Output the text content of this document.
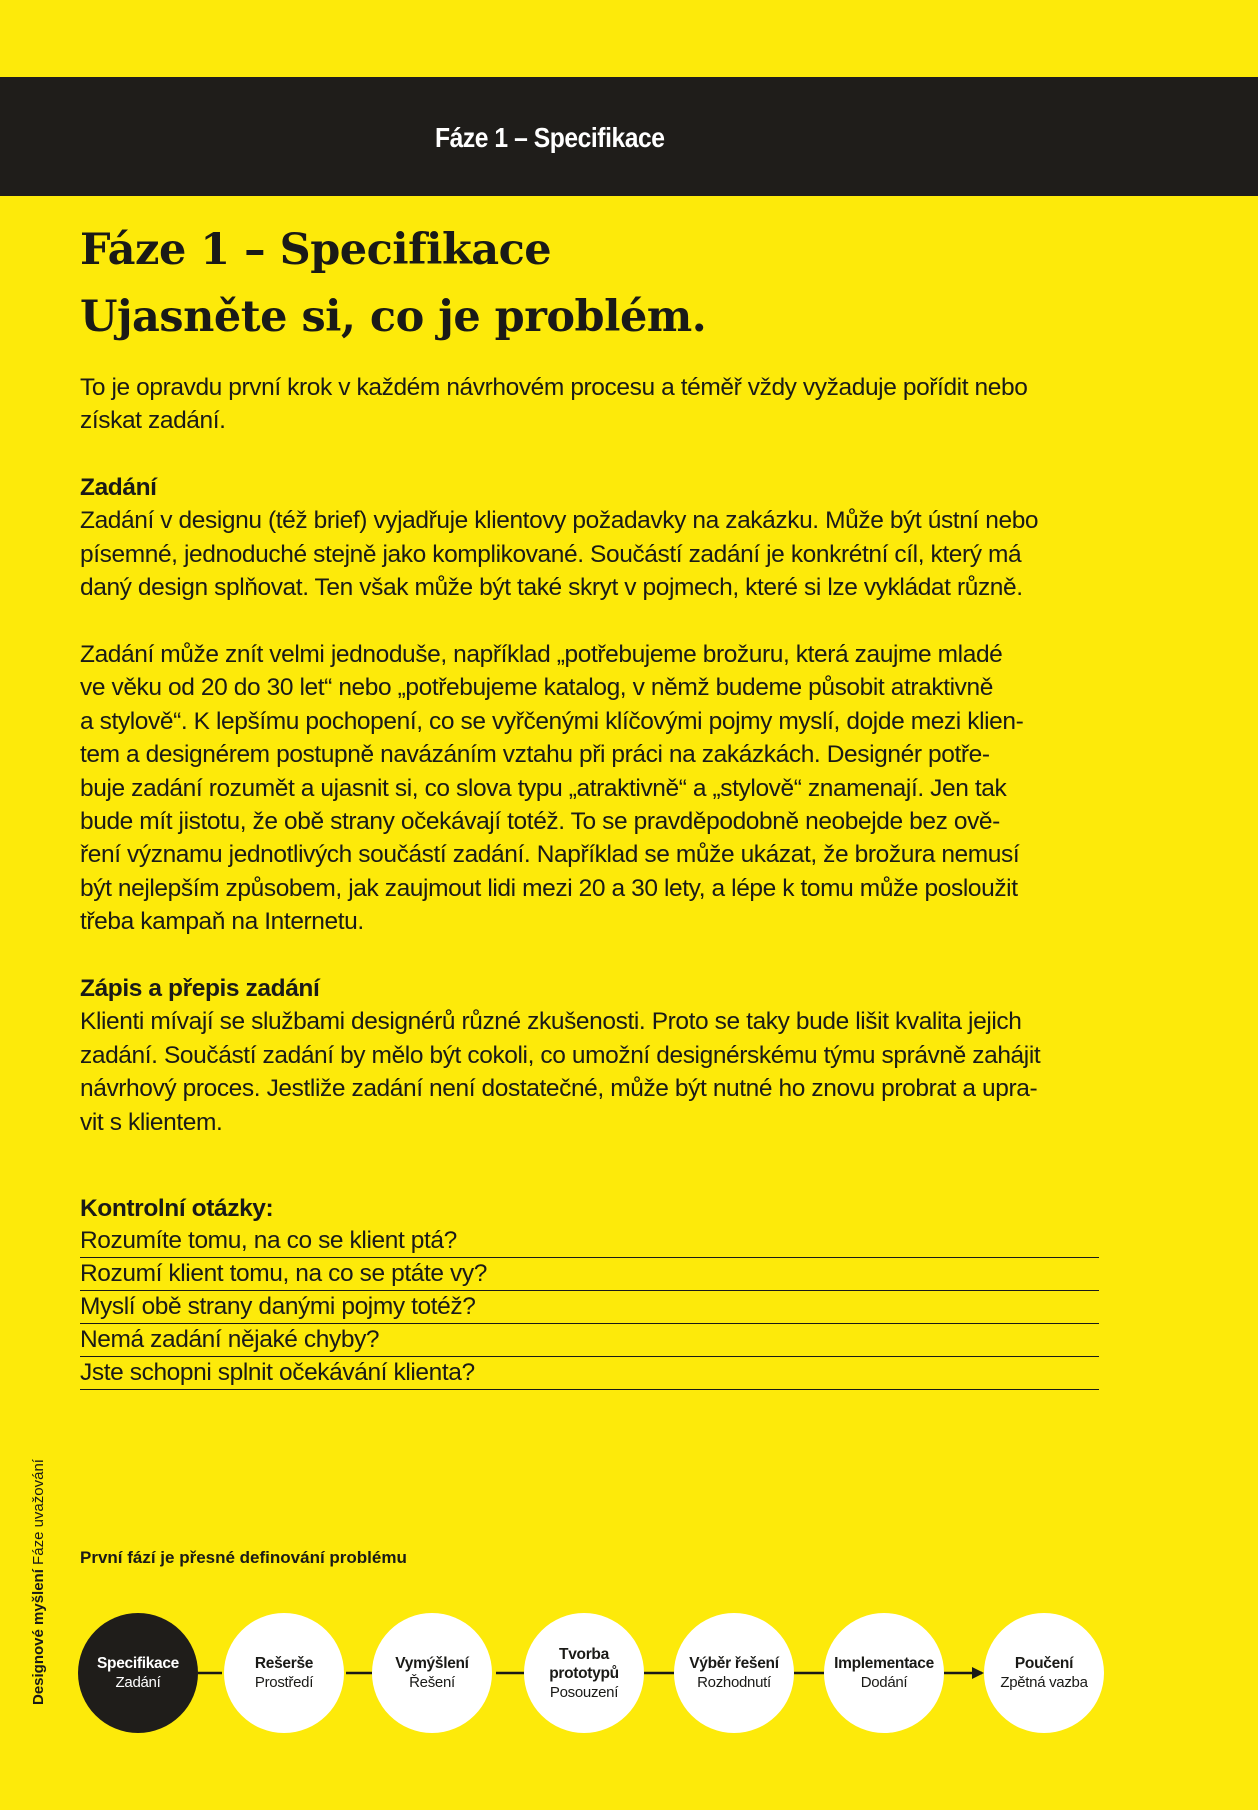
Fáze 1 – Specifikace
Fáze 1 – Specifikace
Ujasněte si, co je problém.
To je opravdu první krok v každém návrhovém procesu a téměř vždy vyžaduje pořídit nebo
získat zadání.
Zadání
Zadání v designu (též brief) vyjadřuje klientovy požadavky na zakázku. Může být ústní nebo
písemné, jednoduché stejně jako komplikované. Součástí zadání je konkrétní cíl, který má
daný design splňovat. Ten však může být také skryt v pojmech, které si lze vykládat různě.
Zadání může znít velmi jednoduše, například „potřebujeme brožuru, která zaujme mladé
ve věku od 20 do 30 let“ nebo „potřebujeme katalog, v němž budeme působit atraktivně
a stylově“. K lepšímu pochopení, co se vyřčenými klíčovými pojmy myslí, dojde mezi klien-
tem a designérem postupně navázáním vztahu při práci na zakázkách. Designér potře-
buje zadání rozumět a ujasnit si, co slova typu „atraktivně“ a „stylově“ znamenají. Jen tak
bude mít jistotu, že obě strany očekávají totéž. To se pravděpodobně neobejde bez ově-
ření významu jednotlivých součástí zadání. Například se může ukázat, že brožura nemusí
být nejlepším způsobem, jak zaujmout lidi mezi 20 a 30 lety, a lépe k tomu může posloužit
třeba kampaň na Internetu.
Zápis a přepis zadání
Klienti mívají se službami designérů různé zkušenosti. Proto se taky bude lišit kvalita jejich
zadání. Součástí zadání by mělo být cokoli, co umožní designérskému týmu správně zahájit
návrhový proces. Jestliže zadání není dostatečné, může být nutné ho znovu probrat a upra-
vit s klientem.
Kontrolní otázky:
Rozumíte tomu, na co se klient ptá?
Rozumí klient tomu, na co se ptáte vy?
Myslí obě strany danými pojmy totéž?
Nemá zadání nějaké chyby?
Jste schopni splnit očekávání klienta?
Designové myšlení Fáze uvažování První fází je přesné definování problému
Specifikace
Zadání
Rešerše
Prostředí
Vymýšlení
Řešení
Tvorba prototypů
Posouzení
Výběr řešení
Rozhodnutí
Implementace
Dodání
Poučení
Zpětná vazba
